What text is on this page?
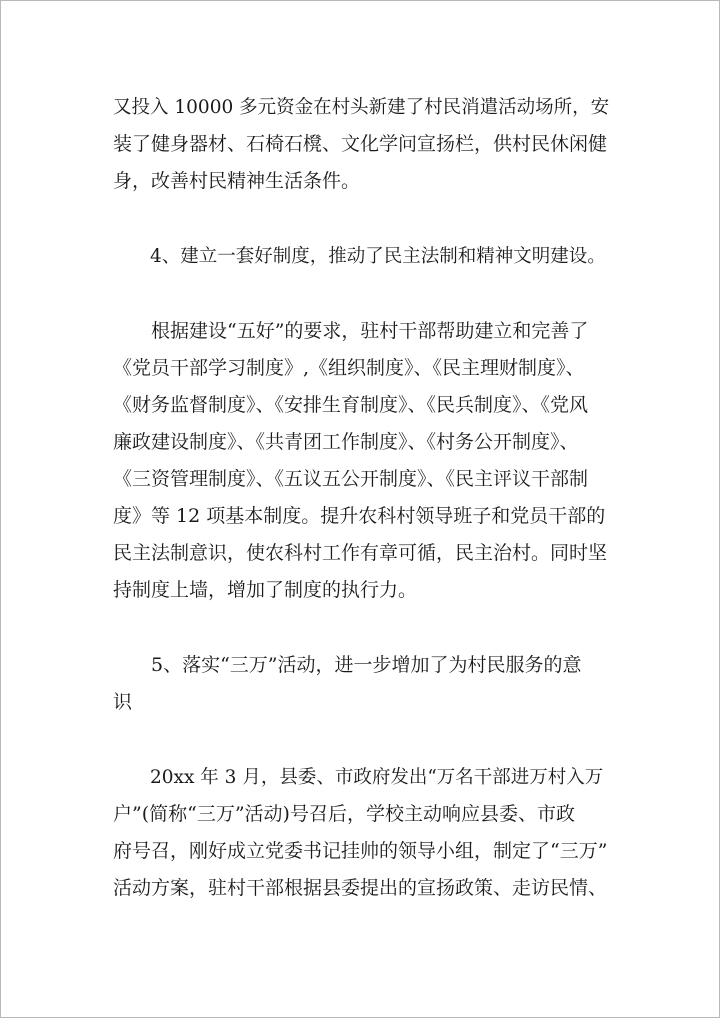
又投入 10000 多元资金在村头新建了村民消遣活动场所，安
装了健身器材、石椅石櫈、文化学问宣扬栏，供村民休闲健
身，改善村民精神生活条件。
　　4、建立一套好制度，推动了民主法制和精神文明建设。
　　根据建设“五好”的要求，驻村干部帮助建立和完善了
《党员干部学习制度》,《组织制度》、《民主理财制度》、
《财务监督制度》、《安排生育制度》、《民兵制度》、《党风
廉政建设制度》、《共青团工作制度》、《村务公开制度》、
《三资管理制度》、《五议五公开制度》、《民主评议干部制
度》等 12 项基本制度。提升农科村领导班子和党员干部的
民主法制意识，使农科村工作有章可循，民主治村。同时坚
持制度上墙，增加了制度的执行力。
　　5、落实“三万”活动，进一步增加了为村民服务的意
识
　　20xx 年 3 月，县委、市政府发出“万名干部进万村入万
户”(简称“三万”活动)号召后，学校主动响应县委、市政
府号召，刚好成立党委书记挂帅的领导小组，制定了“三万”
活动方案，驻村干部根据县委提出的宣扬政策、走访民情、
